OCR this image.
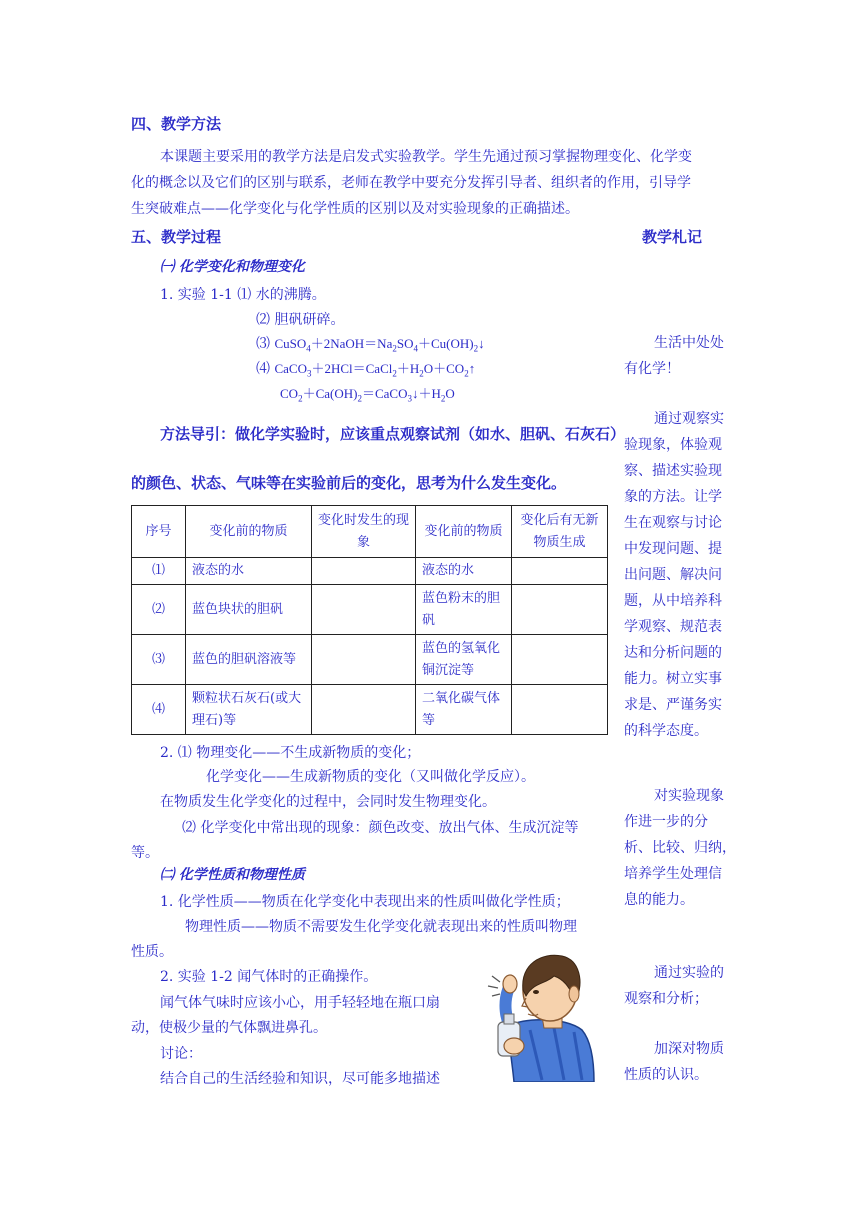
四、教学方法
本课题主要采用的教学方法是启发式实验教学。学生先通过预习掌握物理变化、化学变
化的概念以及它们的区别与联系，老师在教学中要充分发挥引导者、组织者的作用，引导学
生突破难点——化学变化与化学性质的区别以及对实验现象的正确描述。
五、教学过程	教学札记
㈠ 化学变化和物理变化
1. 实验 1-1 ⑴ 水的沸腾。
⑵ 胆矾研碎。
⑶ $CuSO_4+2NaOH=Na_2SO_4+Cu(OH)_2↓$
⑷ $CaCO_3+2HCl=CaCl_2+H_2O+CO_2↑$
$CO_2+Ca(OH)_2=CaCO_3↓+H_2O$
方法导引：做化学实验时，应该重点观察试剂（如水、胆矾、石灰石）
的颜色、状态、气味等在实验前后的变化，思考为什么发生变化。
序号	变化前的物质	变化时发生的现象	变化前的物质	变化后有无新物质生成
⑴	液态的水		液态的水	
⑵	蓝色块状的胆矾		蓝色粉末的胆矾	
⑶	蓝色的胆矾溶液等		蓝色的氢氧化铜沉淀等	
⑷	颗粒状石灰石(或大理石)等		二氧化碳气体等	
2. ⑴ 物理变化——不生成新物质的变化；
化学变化——生成新物质的变化（又叫做化学反应）。
在物质发生化学变化的过程中，会同时发生物理变化。
⑵ 化学变化中常出现的现象：颜色改变、放出气体、生成沉淀等
等。
㈡ 化学性质和物理性质
1. 化学性质——物质在化学变化中表现出来的性质叫做化学性质；
物理性质——物质不需要发生化学变化就表现出来的性质叫物理
性质。
2. 实验 1-2 闻气体时的正确操作。
闻气体气味时应该小心，用手轻轻地在瓶口扇
动，使极少量的气体飘进鼻孔。
讨论：
结合自己的生活经验和知识，尽可能多地描述
生活中处处
有化学！
通过观察实
验现象，体验观
察、描述实验现
象的方法。让学
生在观察与讨论
中发现问题、提
出问题、解决问
题，从中培养科
学观察、规范表
达和分析问题的
能力。树立实事
求是、严谨务实
的科学态度。
对实验现象
作进一步的分
析、比较、归纳，
培养学生处理信
息的能力。
通过实验的
观察和分析；
加深对物质
性质的认识。
